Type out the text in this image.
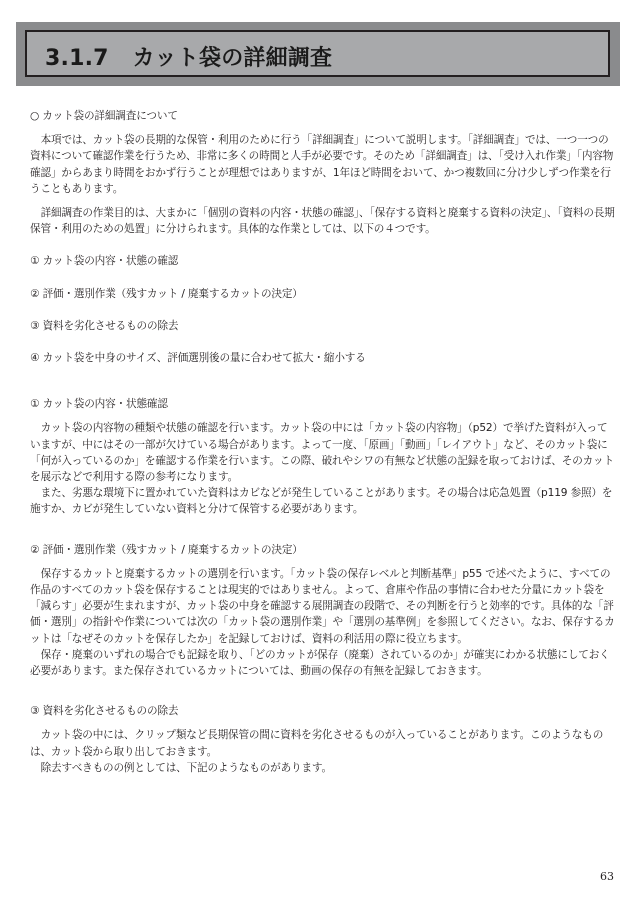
3.1.7 カット袋の詳細調査

○ カット袋の詳細調査について

本項では、カット袋の長期的な保管・利用のために行う「詳細調査」について説明します。「詳細調査」では、一つ一つの資料について確認作業を行うため、非常に多くの時間と人手が必要です。そのため「詳細調査」は、「受け入れ作業」「内容物確認」からあまり時間をおかず行うことが理想ではありますが、1年ほど時間をおいて、かつ複数回に分け少しずつ作業を行うこともあります。

詳細調査の作業目的は、大まかに「個別の資料の内容・状態の確認」、「保存する資料と廃棄する資料の決定」、「資料の長期保管・利用のための処置」に分けられます。具体的な作業としては、以下の４つです。

① カット袋の内容・状態の確認

② 評価・選別作業（残すカット / 廃棄するカットの決定）

③ 資料を劣化させるものの除去

④ カット袋を中身のサイズ、評価選別後の量に合わせて拡大・縮小する

① カット袋の内容・状態確認

カット袋の内容物の種類や状態の確認を行います。カット袋の中には「カット袋の内容物」（p52）で挙げた資料が入っていますが、中にはその一部が欠けている場合があります。よって一度、「原画」「動画」「レイアウト」など、そのカット袋に「何が入っているのか」を確認する作業を行います。この際、破れやシワの有無など状態の記録を取っておけば、そのカットを展示などで利用する際の参考になります。

また、劣悪な環境下に置かれていた資料はカビなどが発生していることがあります。その場合は応急処置（p119 参照）を施すか、カビが発生していない資料と分けて保管する必要があります。

② 評価・選別作業（残すカット / 廃棄するカットの決定）

保存するカットと廃棄するカットの選別を行います。「カット袋の保存レベルと判断基準」p55 で述べたように、すべての作品のすべてのカット袋を保存することは現実的ではありません。よって、倉庫や作品の事情に合わせた分量にカット袋を「減らす」必要が生まれますが、カット袋の中身を確認する展開調査の段階で、その判断を行うと効率的です。具体的な「評価・選別」の指針や作業については次の「カット袋の選別作業」や「選別の基準例」を参照してください。なお、保存するカットは「なぜそのカットを保存したか」を記録しておけば、資料の利活用の際に役立ちます。

保存・廃棄のいずれの場合でも記録を取り、「どのカットが保存（廃棄）されているのか」が確実にわかる状態にしておく必要があります。また保存されているカットについては、動画の保存の有無を記録しておきます。

③ 資料を劣化させるものの除去

カット袋の中には、クリップ類など長期保管の間に資料を劣化させるものが入っていることがあります。このようなものは、カット袋から取り出しておきます。

除去すべきものの例としては、下記のようなものがあります。

63
